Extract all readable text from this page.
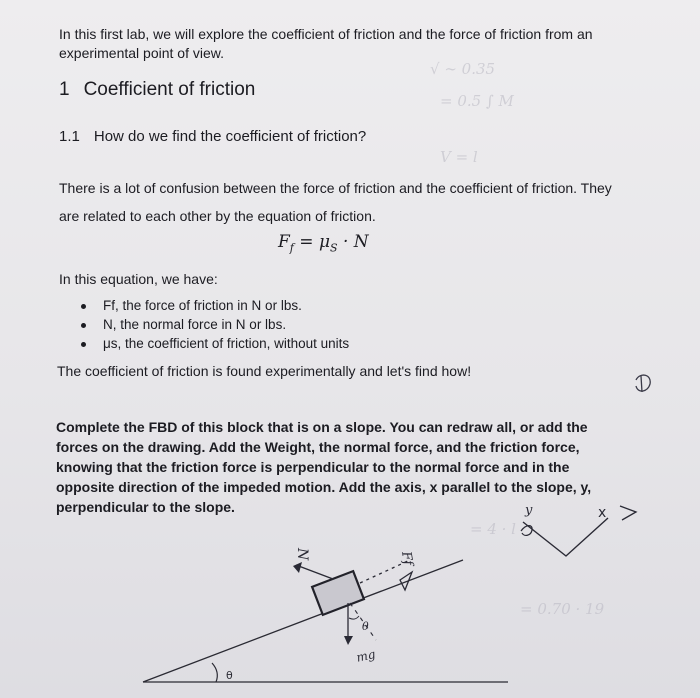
√ ∼ 0.35
= 0.5 ∫ M
V = l
= 4 · l
= 0.70 · 19
In this first lab, we will explore the coefficient of friction and the force of friction from an experimental point of view.
1 Coefficient of friction
1.1 How do we find the coefficient of friction?
There is a lot of confusion between the force of friction and the coefficient of friction. They are related to each other by the equation of friction.
$F_f = \mu_S \cdot N$
In this equation, we have:
Ff, the force of friction in N or lbs.
N, the normal force in N or lbs.
μs, the coefficient of friction, without units
The coefficient of friction is found experimentally and let's find how!
Complete the FBD of this block that is on a slope. You can redraw all, or add the forces on the drawing. Add the Weight, the normal force, and the friction force, knowing that the friction force is perpendicular to the normal force and in the opposite direction of the impeded motion. Add the axis, x parallel to the slope, y, perpendicular to the slope.
θ
N
mg
θ
Ff
y	x
